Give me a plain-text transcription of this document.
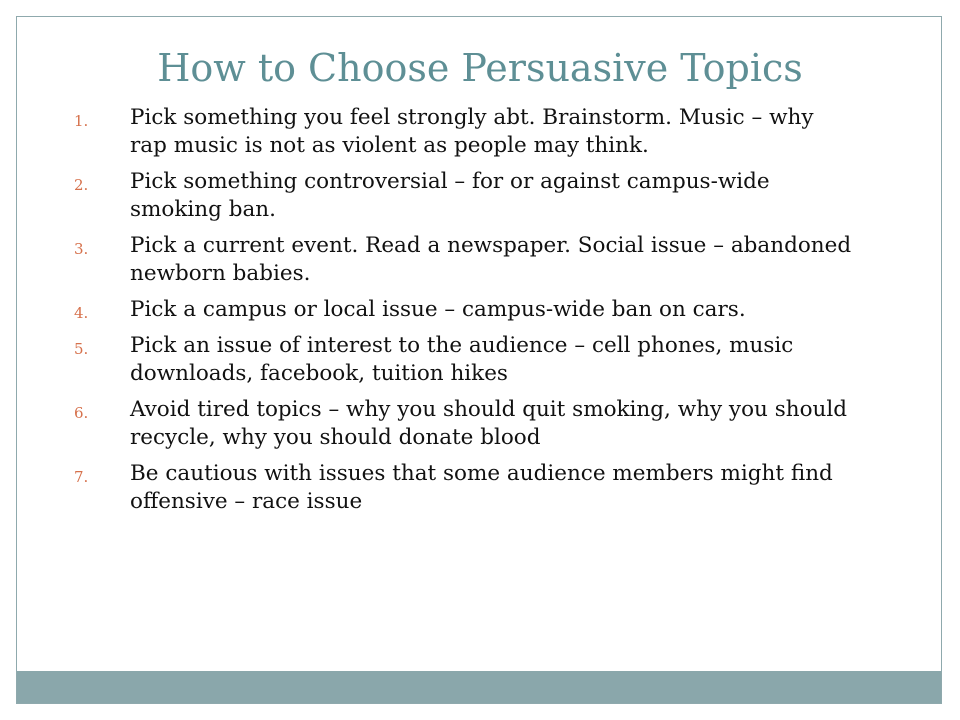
How to Choose Persuasive Topics
1. Pick something you feel strongly abt. Brainstorm. Music – why rap music is not as violent as people may think.
2. Pick something controversial – for or against campus-wide smoking ban.
3. Pick a current event. Read a newspaper. Social issue – abandoned newborn babies.
4. Pick a campus or local issue – campus-wide ban on cars.
5. Pick an issue of interest to the audience – cell phones, music downloads, facebook, tuition hikes
6. Avoid tired topics – why you should quit smoking, why you should recycle, why you should donate blood
7. Be cautious with issues that some audience members might find offensive – race issue
